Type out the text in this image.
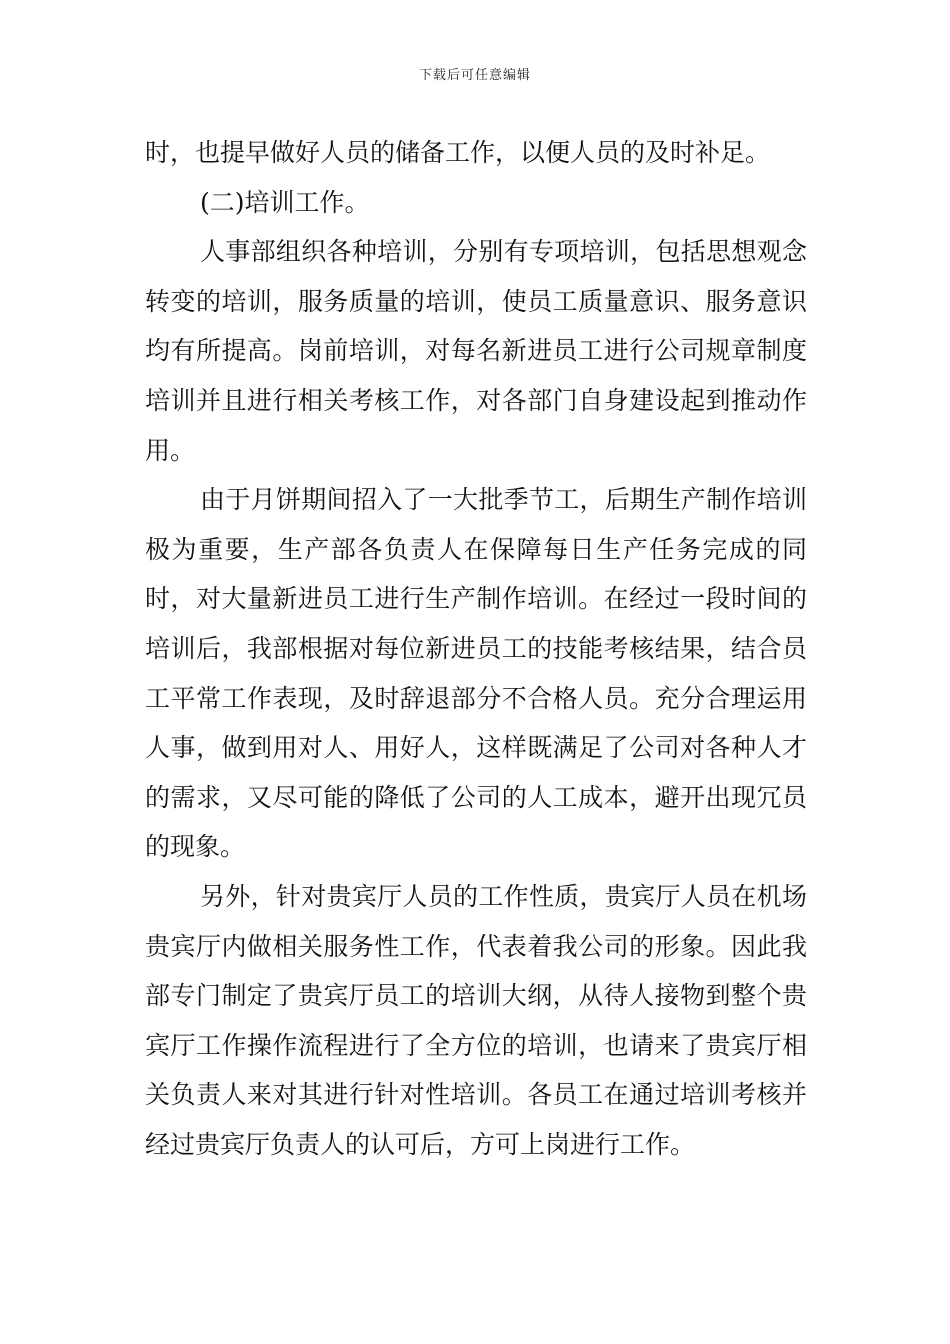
下载后可任意编辑

时，也提早做好人员的储备工作，以便人员的及时补足。

(二)培训工作。

人事部组织各种培训，分别有专项培训，包括思想观念转变的培训，服务质量的培训，使员工质量意识、服务意识均有所提高。岗前培训，对每名新进员工进行公司规章制度培训并且进行相关考核工作，对各部门自身建设起到推动作用。

由于月饼期间招入了一大批季节工，后期生产制作培训极为重要，生产部各负责人在保障每日生产任务完成的同时，对大量新进员工进行生产制作培训。在经过一段时间的培训后，我部根据对每位新进员工的技能考核结果，结合员工平常工作表现，及时辞退部分不合格人员。充分合理运用人事，做到用对人、用好人，这样既满足了公司对各种人才的需求，又尽可能的降低了公司的人工成本，避开出现冗员的现象。

另外，针对贵宾厅人员的工作性质，贵宾厅人员在机场贵宾厅内做相关服务性工作，代表着我公司的形象。因此我部专门制定了贵宾厅员工的培训大纲，从待人接物到整个贵宾厅工作操作流程进行了全方位的培训，也请来了贵宾厅相关负责人来对其进行针对性培训。各员工在通过培训考核并经过贵宾厅负责人的认可后，方可上岗进行工作。
